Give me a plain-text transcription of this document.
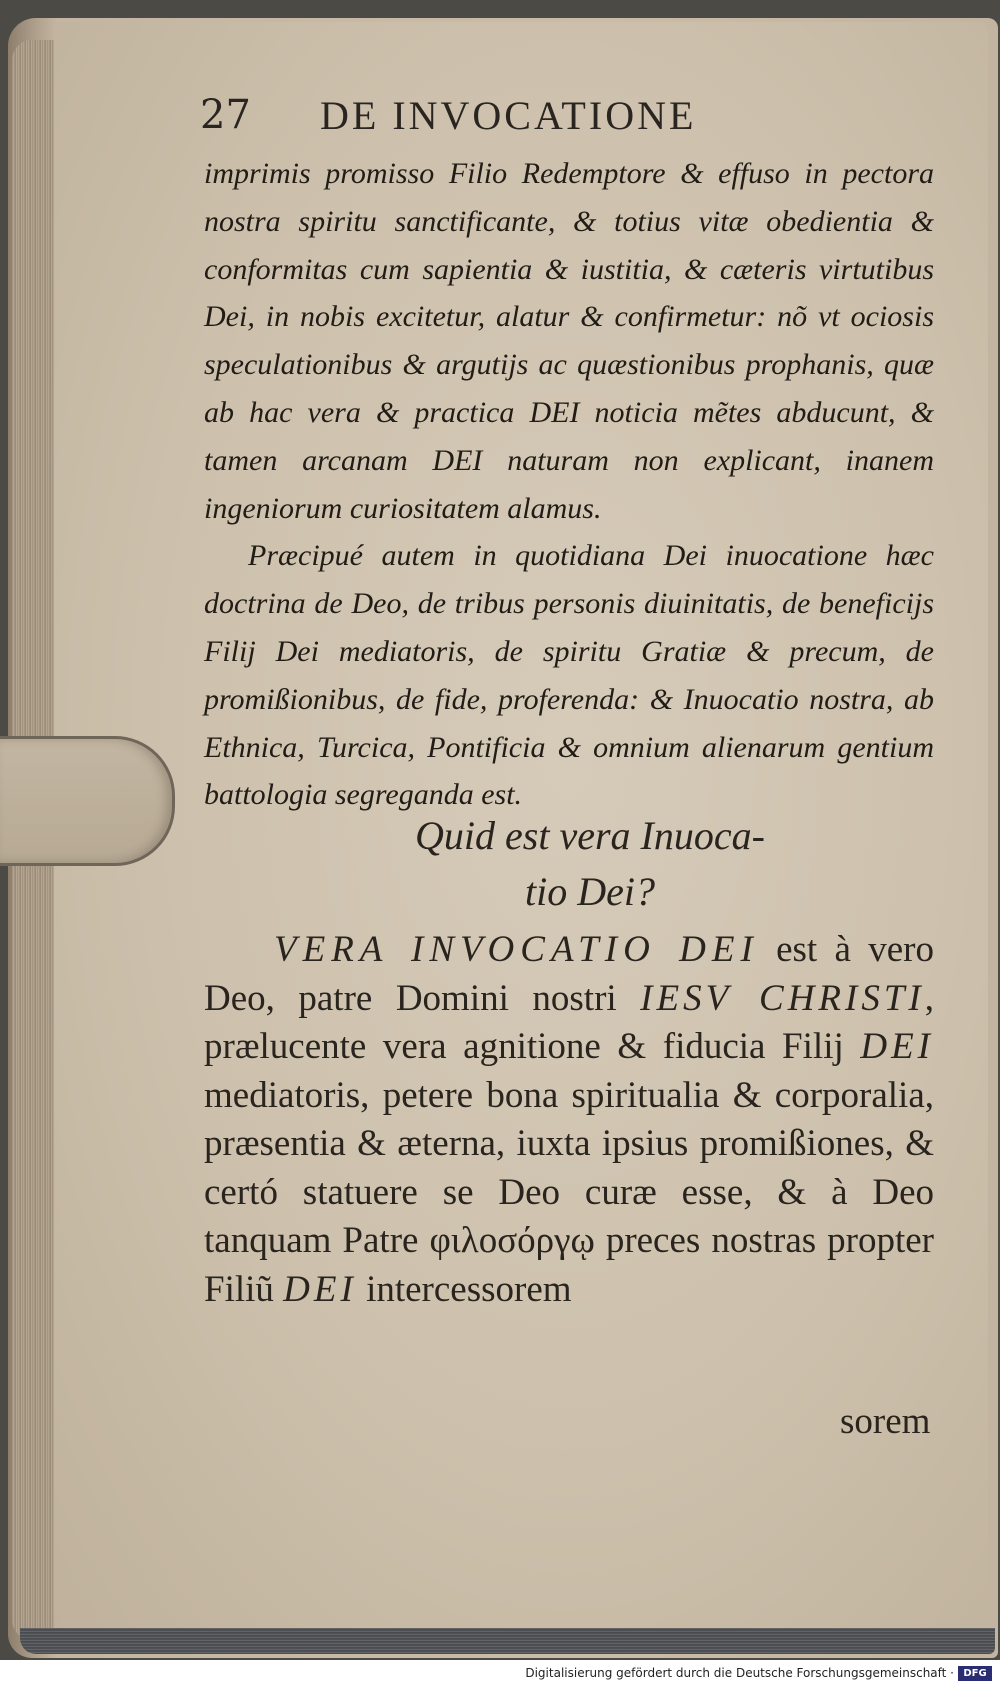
27 DE INVOCATIONE

imprimis promisso Filio Redemptore & effuso in pectora nostra spiritu sanctificante, & totius vitæ obedientia & conformitas cum sapientia & iustitia, & cæteris virtutibus Dei, in nobis excitetur, alatur & confirmetur: nõ vt ociosis speculationibus & argutijs ac quæstionibus prophanis, quæ ab hac vera & practica DEI noticia mẽtes abducunt, & tamen arcanam DEI naturam non explicant, inanem ingeniorum curiositatem alamus.

Præcipué autem in quotidiana Dei inuocatione hæc doctrina de Deo, de tribus personis diuinitatis, de beneficijs Filij Dei mediatoris, de spiritu Gratiæ & precum, de promißionibus, de fide, proferenda: & Inuocatio nostra, ab Ethnica, Turcica, Pontificia & omnium alienarum gentium battologia segreganda est.

Quid est vera Inuoca-
tio Dei?
VERA INVOCATIO DEI est à vero Deo, patre Domini nostri IESV CHRISTI, prælucente vera agnitione & fiducia Filij DEI mediatoris, petere bona spiritualia & corporalia, præsentia & æterna, iuxta ipsius promißiones, & certó statuere se Deo curæ esse, & à Deo tanquam Patre φιλοσόργῳ preces nostras propter Filiũ DEI intercessorem
sorem
Digitalisierung gefördert durch die Deutsche Forschungsgemeinschaft · DFG
